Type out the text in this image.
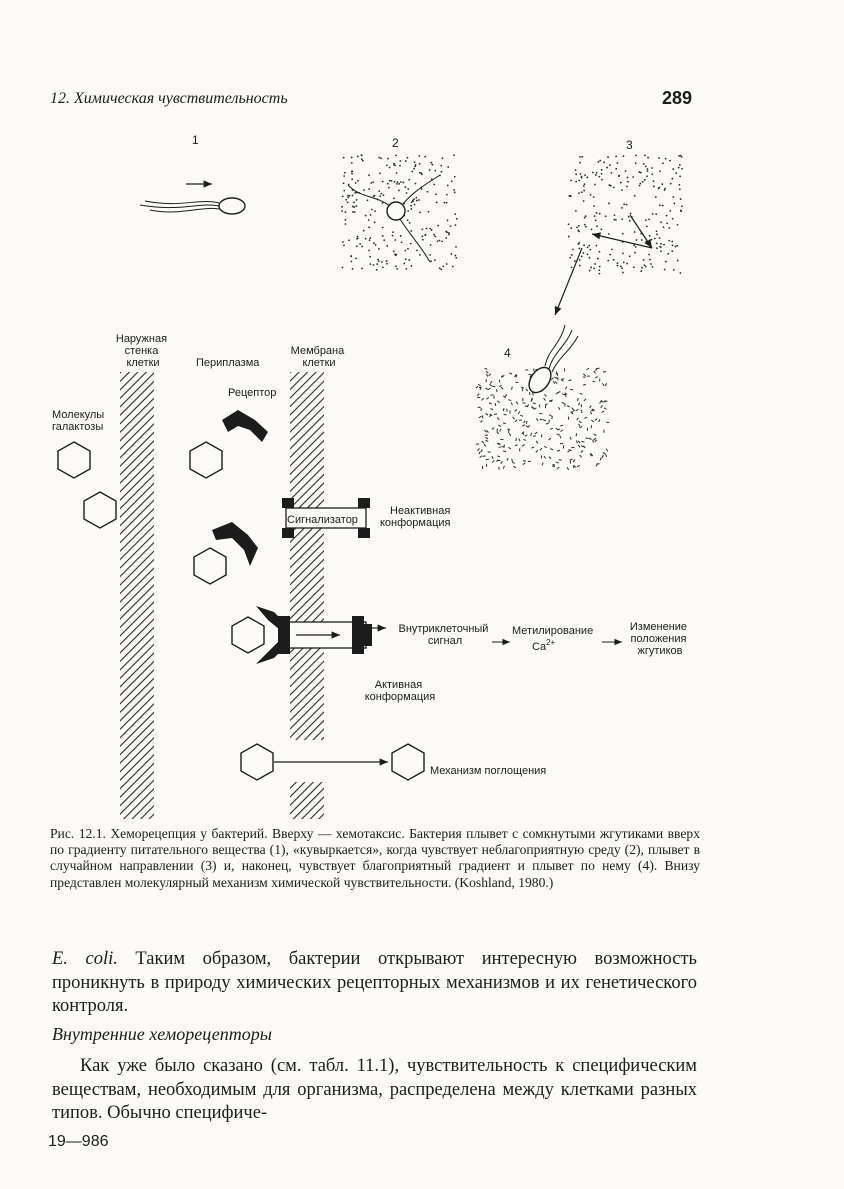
12. Химическая чувствительность	289
1	2	3
4
Наружная стенка клетки	Периплазма
Мембрана клетки
Рецептор
Молекулы галактозы
Сигнализатор
Неактивная конформация
Внутриклеточный сигнал
Метилирование
$Ca^{2+}$
Изменение положения жгутиков
Активная конформация
Механизм поглощения
Рис. 12.1. Хеморецепция у бактерий. Вверху — хемотаксис. Бактерия плывет с сомкнутыми жгутиками вверх по градиенту питательного вещества (1), «кувыркается», когда чувствует неблагоприятную среду (2), плывет в случайном направлении (3) и, наконец, чувствует благоприятный градиент и плывет по нему (4). Внизу представлен молекулярный механизм химической чувствительности. (Koshland, 1980.)
E. coli. Таким образом, бактерии открывают интересную возможность проникнуть в природу химических рецепторных механизмов и их генетического контроля.
Внутренние хеморецепторы
Как уже было сказано (см. табл. 11.1), чувствительность к специфическим веществам, необходимым для организма, распределена между клетками разных типов. Обычно специфиче-
19—986
